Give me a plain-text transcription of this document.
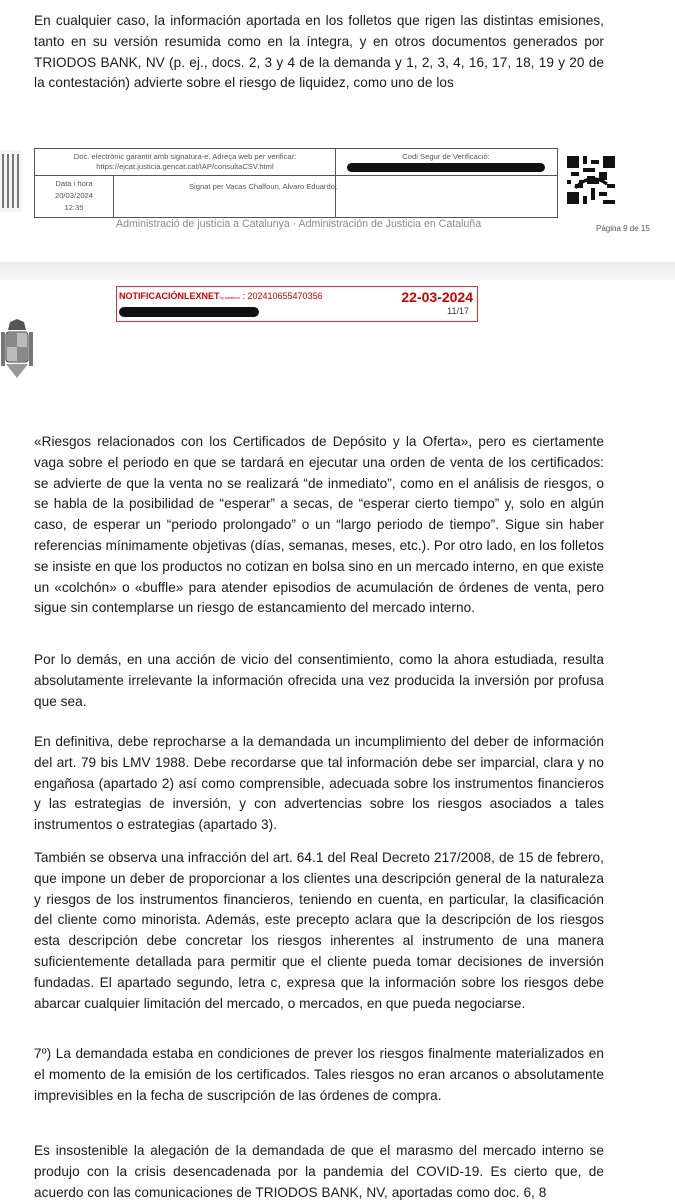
En cualquier caso, la información aportada en los folletos que rigen las distintas emisiones, tanto en su versión resumida como en la íntegra, y en otros documentos generados por TRIODOS BANK, NV (p. ej., docs. 2, 3 y 4 de la demanda y 1, 2, 3, 4, 16, 17, 18, 19 y 20 de la contestación) advierte sobre el riesgo de liquidez, como uno de los
Doc. electrònic garantit amb signatura-e. Adreça web per verificar:
https://ejcat.justicia.gencat.cat/IAP/consultaCSV.html
Codi Segur de Verificació:
Data i hora
20/03/2024
12:35
Signat per Vacas Chalfoun, Alvaro Eduardo;
Administració de justícia a Catalunya · Administración de Justicia en Cataluña	Pàgina 9 de 15
NOTIFICACIÓNLEXNETby kmaleon : 202410655470356	22-03-2024
11/17
«Riesgos relacionados con los Certificados de Depósito y la Oferta», pero es ciertamente vaga sobre el periodo en que se tardará en ejecutar una orden de venta de los certificados: se advierte de que la venta no se realizará “de inmediato”, como en el análisis de riesgos, o se habla de la posibilidad de “esperar” a secas, de “esperar cierto tiempo” y, solo en algún caso, de esperar un “periodo prolongado” o un “largo periodo de tiempo”. Sigue sin haber referencias mínimamente objetivas (días, semanas, meses, etc.). Por otro lado, en los folletos se insiste en que los productos no cotizan en bolsa sino en un mercado interno, en que existe un «colchón» o «buffle» para atender episodios de acumulación de órdenes de venta, pero sigue sin contemplarse un riesgo de estancamiento del mercado interno.
Por lo demás, en una acción de vicio del consentimiento, como la ahora estudiada, resulta absolutamente irrelevante la información ofrecida una vez producida la inversión por profusa que sea.
En definitiva, debe reprocharse a la demandada un incumplimiento del deber de información del art. 79 bis LMV 1988. Debe recordarse que tal información debe ser imparcial, clara y no engañosa (apartado 2) así como comprensible, adecuada sobre los instrumentos financieros y las estrategias de inversión, y con advertencias sobre los riesgos asociados a tales instrumentos o estrategias (apartado 3).
También se observa una infracción del art. 64.1 del Real Decreto 217/2008, de 15 de febrero, que impone un deber de proporcionar a los clientes una descripción general de la naturaleza y riesgos de los instrumentos financieros, teniendo en cuenta, en particular, la clasificación del cliente como minorista. Además, este precepto aclara que la descripción de los riesgos esta descripción debe concretar los riesgos inherentes al instrumento de una manera suficientemente detallada para permitir que el cliente pueda tomar decisiones de inversión fundadas. El apartado segundo, letra c, expresa que la información sobre los riesgos debe abarcar cualquier limitación del mercado, o mercados, en que pueda negociarse.
7º) La demandada estaba en condiciones de prever los riesgos finalmente materializados en el momento de la emisión de los certificados. Tales riesgos no eran arcanos o absolutamente imprevisibles en la fecha de suscripción de las órdenes de compra.
Es insostenible la alegación de la demandada de que el marasmo del mercado interno se produjo con la crisis desencadenada por la pandemia del COVID-19. Es cierto que, de acuerdo con las comunicaciones de TRIODOS BANK, NV, aportadas como doc. 6, 8
